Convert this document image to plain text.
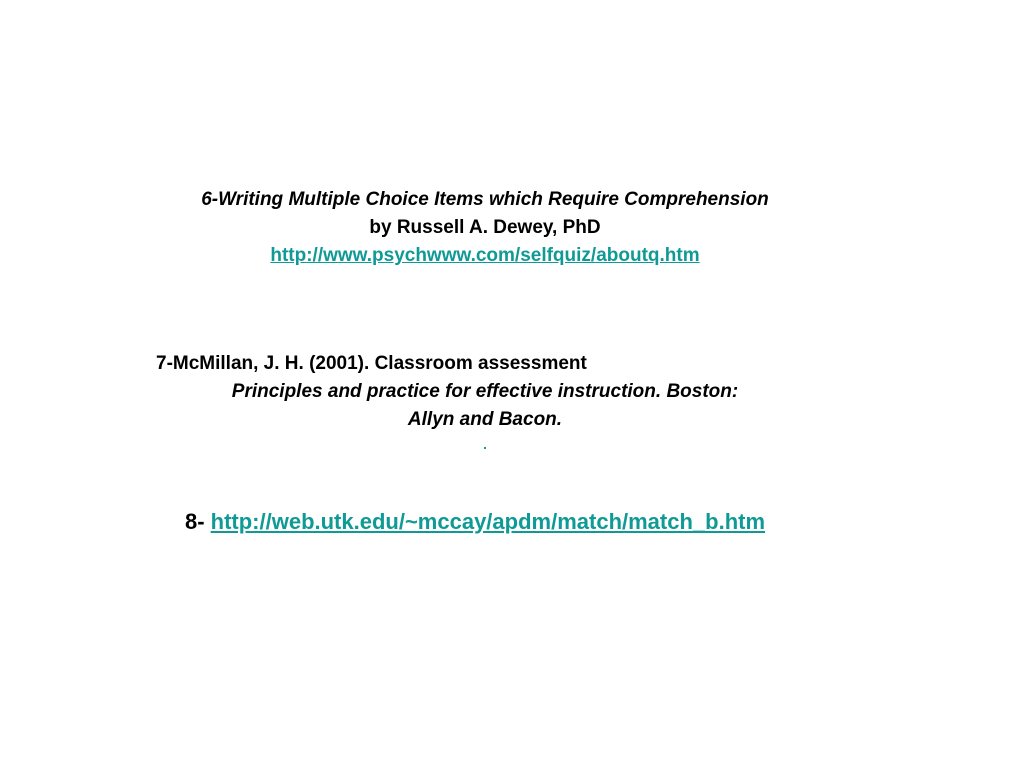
6-Writing Multiple Choice Items which Require Comprehension
by Russell A. Dewey, PhD
http://www.psychwww.com/selfquiz/aboutq.htm
7-McMillan, J. H. (2001). Classroom assessment
Principles and practice for effective instruction. Boston:
Allyn and Bacon.
.
8- http://web.utk.edu/~mccay/apdm/match/match_b.htm
